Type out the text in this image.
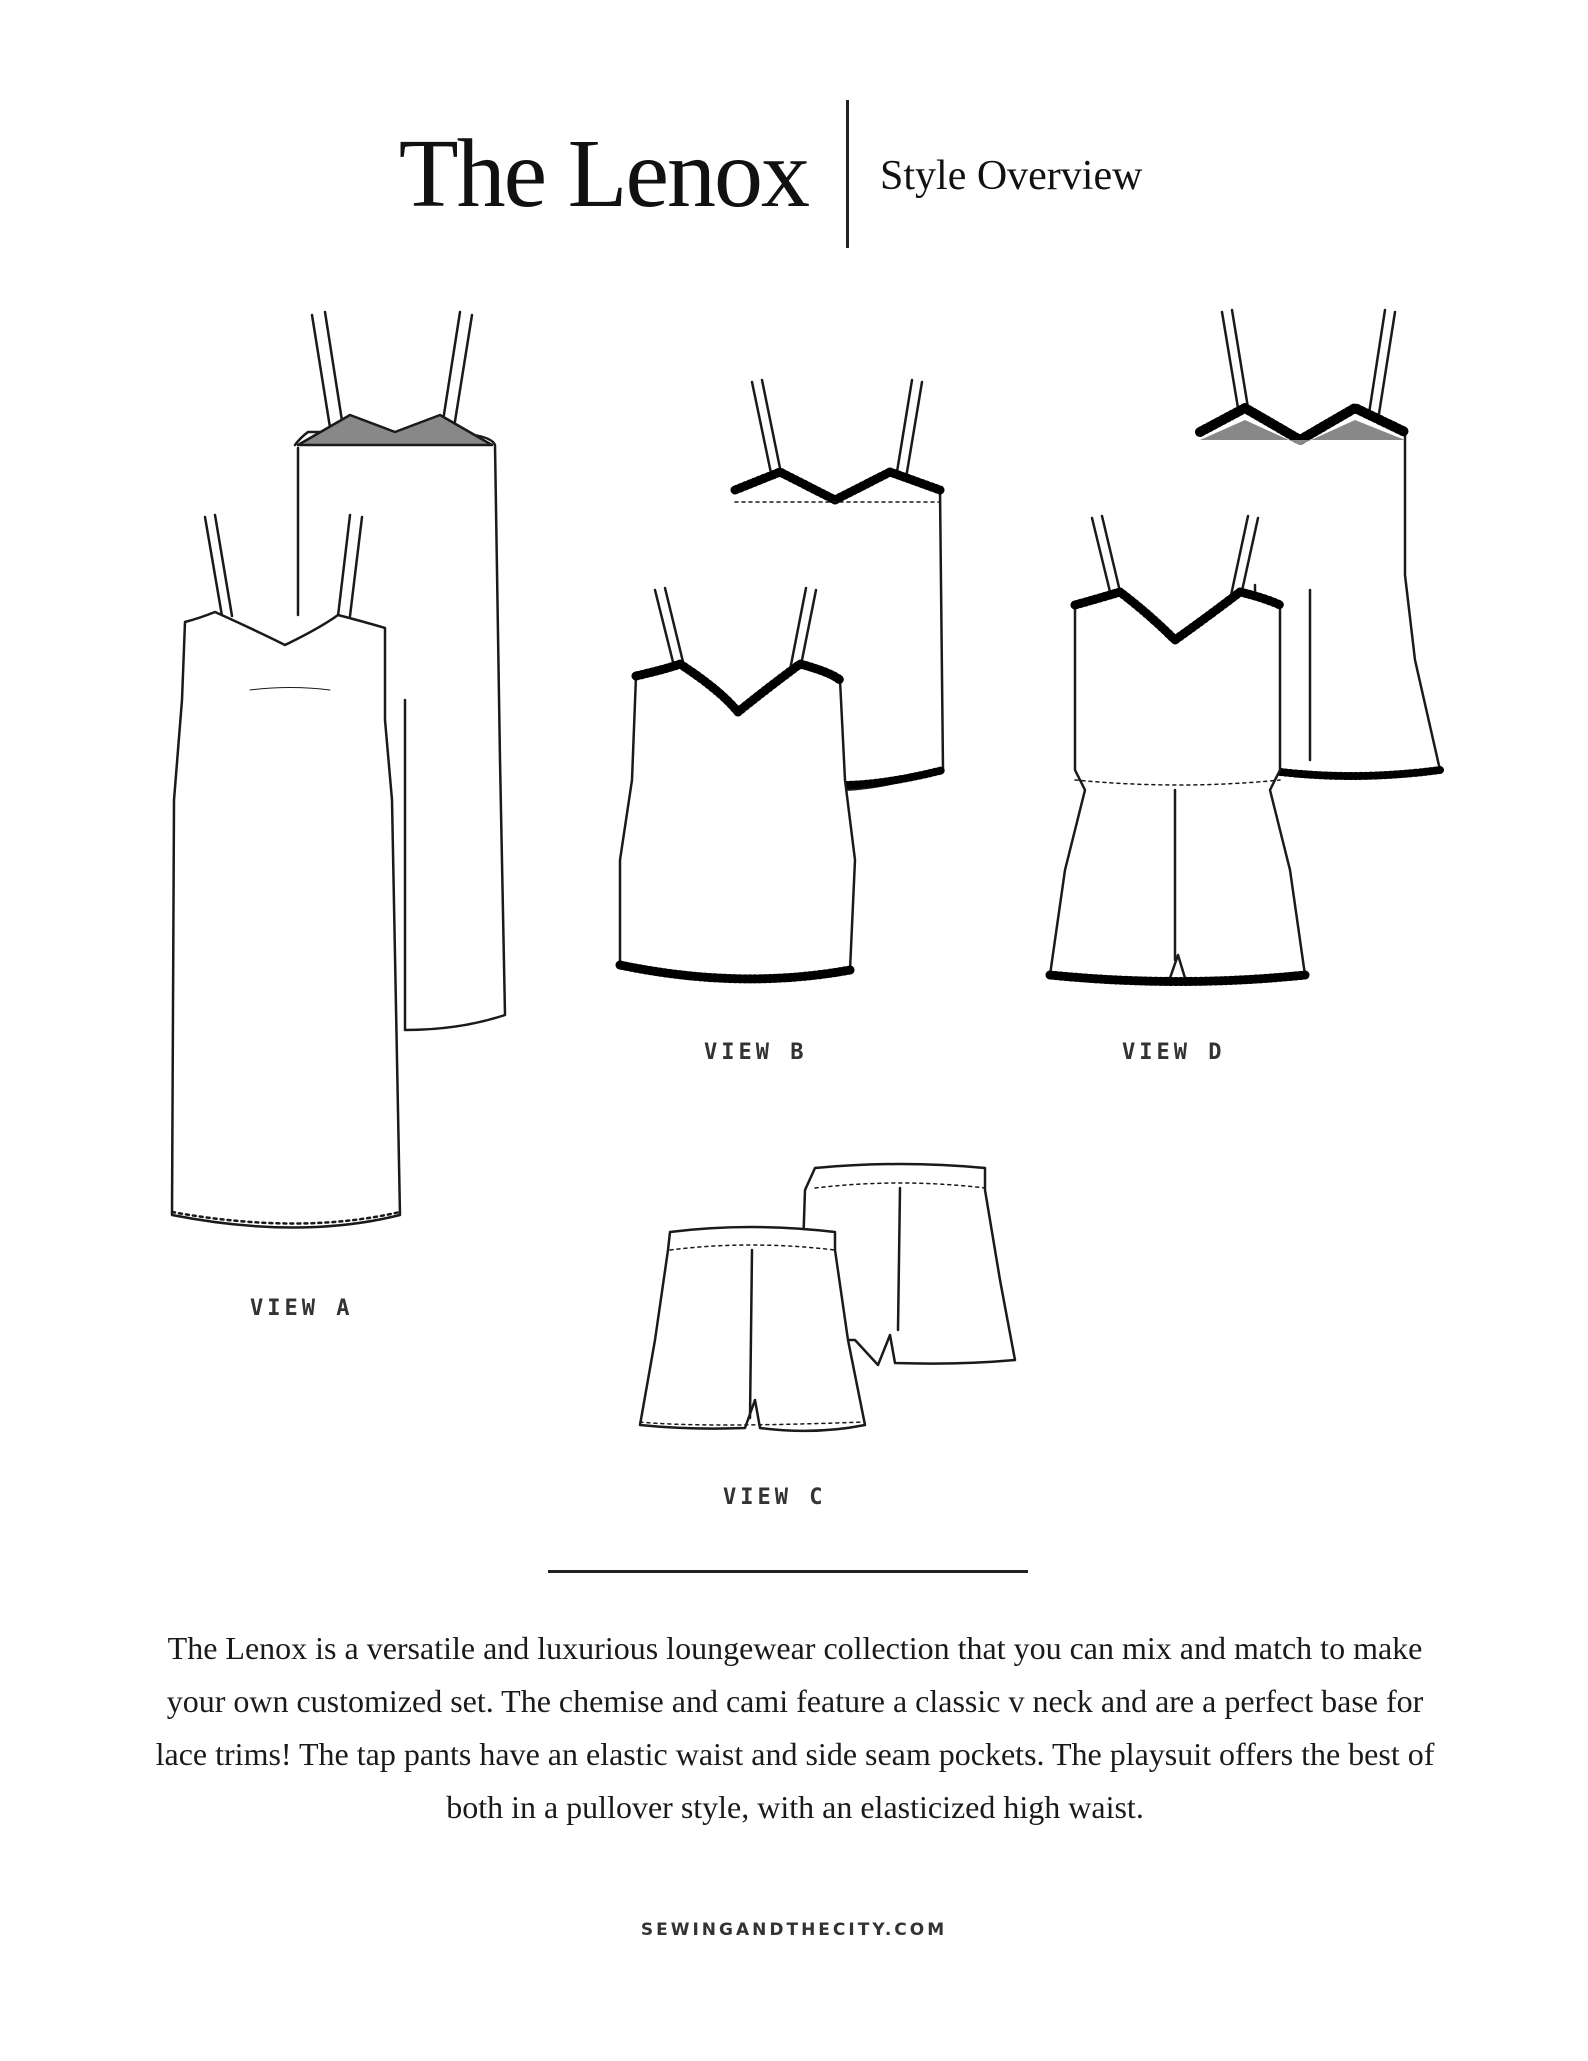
The Lenox Style Overview
VIEW A
VIEW B
VIEW C
VIEW D
The Lenox is a versatile and luxurious loungewear collection that you can mix and match to make your own customized set. The chemise and cami feature a classic v neck and are a perfect base for lace trims! The tap pants have an elastic waist and side seam pockets. The playsuit offers the best of both in a pullover style, with an elasticized high waist.
SEWINGANDTHECITY.COM
